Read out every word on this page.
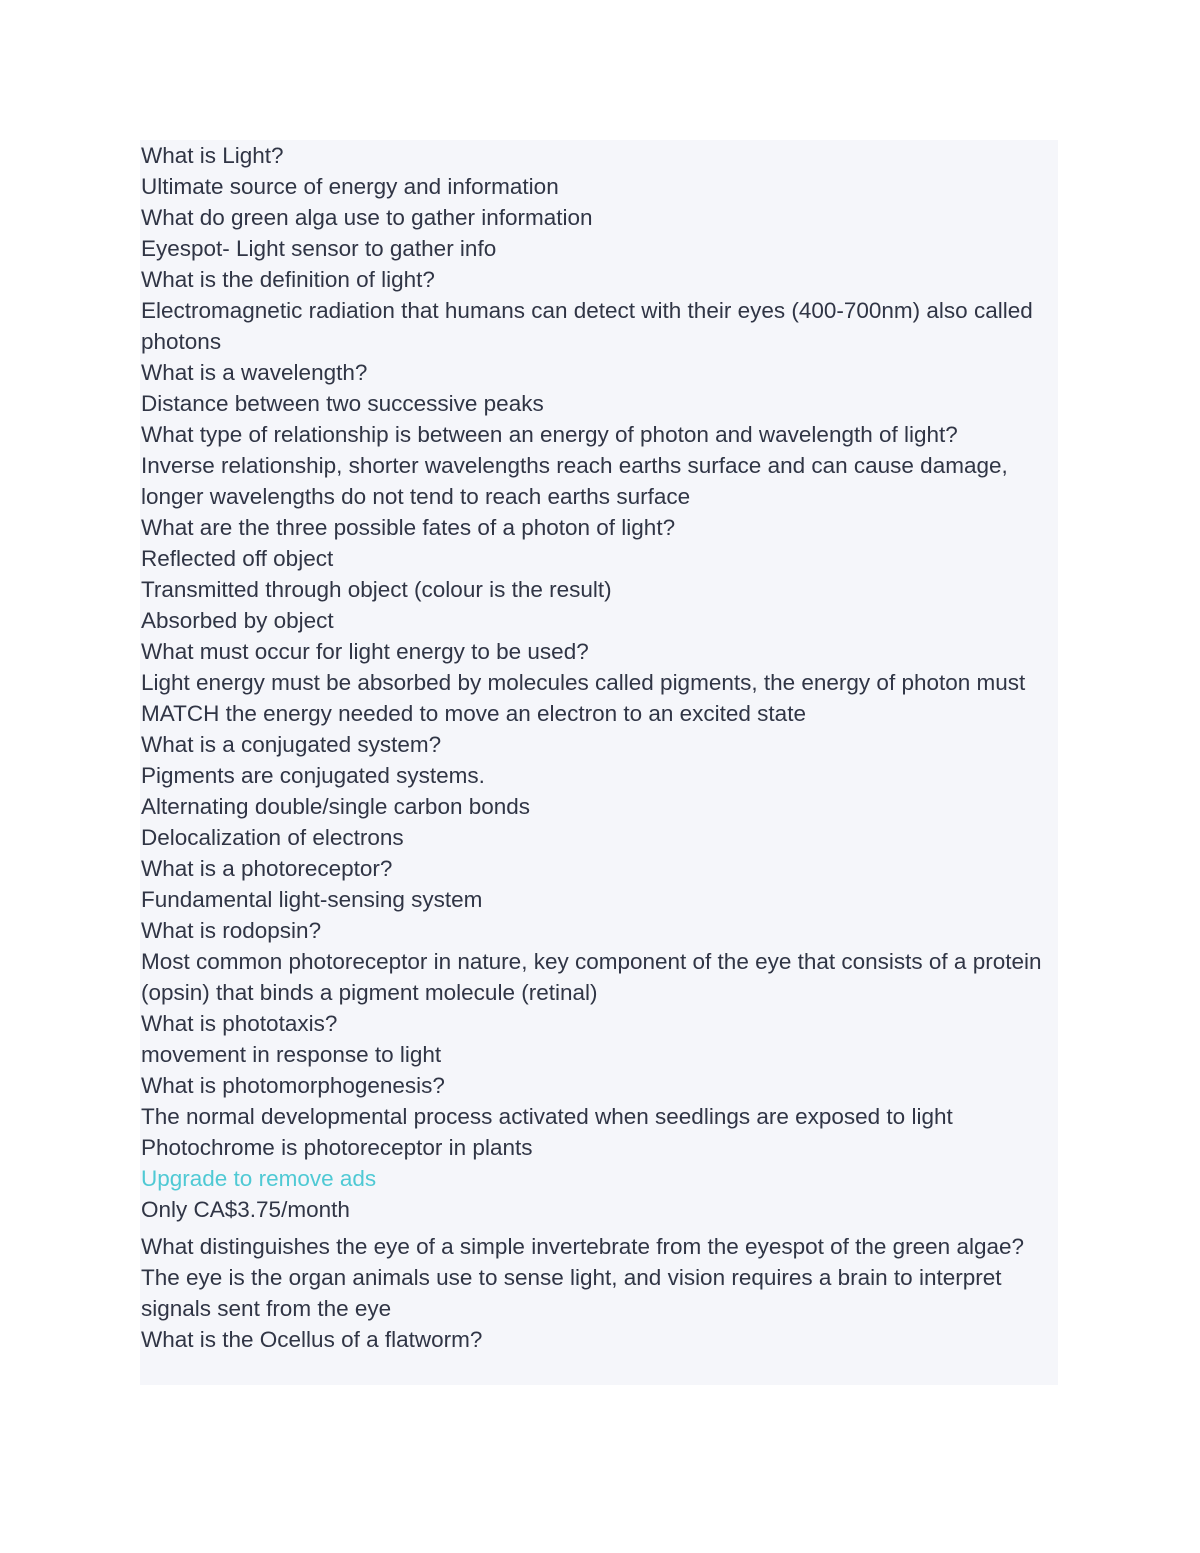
What is Light?

Ultimate source of energy and information

What do green alga use to gather information

Eyespot- Light sensor to gather info

What is the definition of light?

Electromagnetic radiation that humans can detect with their eyes (400-700nm) also called photons

What is a wavelength?

Distance between two successive peaks

What type of relationship is between an energy of photon and wavelength of light?

Inverse relationship, shorter wavelengths reach earths surface and can cause damage, longer wavelengths do not tend to reach earths surface

What are the three possible fates of a photon of light?

Reflected off object

Transmitted through object (colour is the result)

Absorbed by object

What must occur for light energy to be used?

Light energy must be absorbed by molecules called pigments, the energy of photon must MATCH the energy needed to move an electron to an excited state

What is a conjugated system?

Pigments are conjugated systems.

Alternating double/single carbon bonds

Delocalization of electrons

What is a photoreceptor?

Fundamental light-sensing system

What is rodopsin?

Most common photoreceptor in nature, key component of the eye that consists of a protein (opsin) that binds a pigment molecule (retinal)

What is phototaxis?

movement in response to light

What is photomorphogenesis?

The normal developmental process activated when seedlings are exposed to light

Photochrome is photoreceptor in plants

Upgrade to remove ads

Only CA$3.75/month

What distinguishes the eye of a simple invertebrate from the eyespot of the green algae?

The eye is the organ animals use to sense light, and vision requires a brain to interpret signals sent from the eye

What is the Ocellus of a flatworm?
